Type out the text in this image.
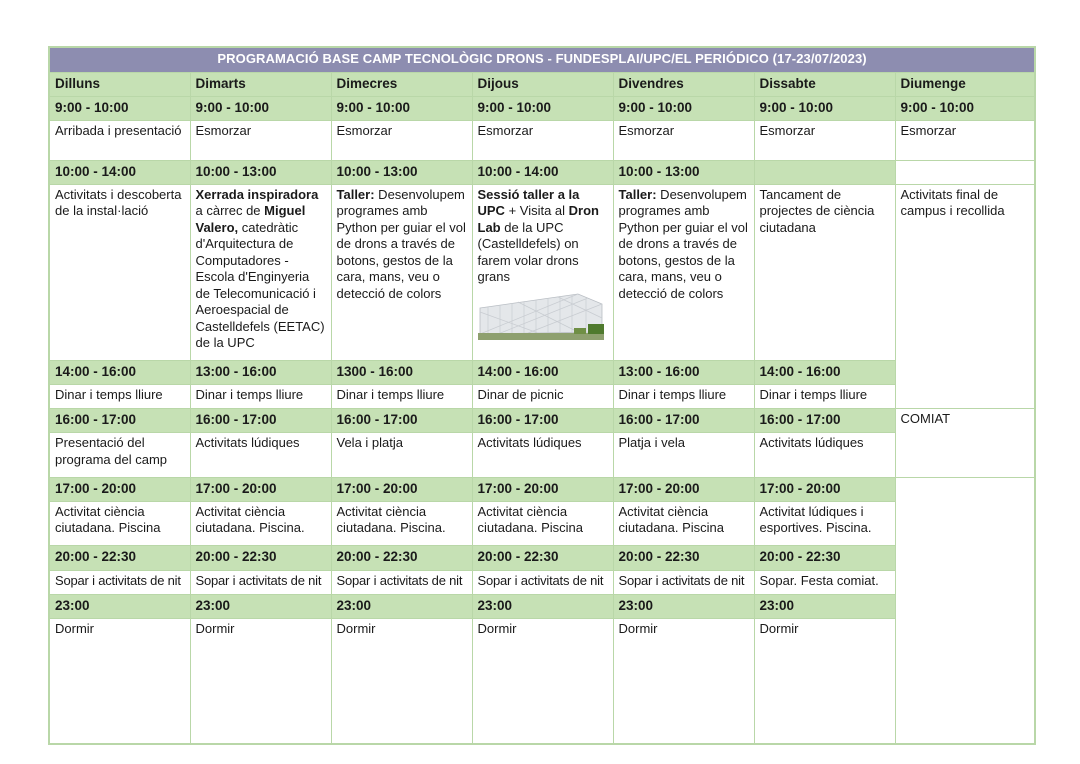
PROGRAMACIÓ BASE CAMP TECNOLÒGIC DRONS - FUNDESPLAI/UPC/EL PERIÓDICO (17-23/07/2023)						
Dilluns	Dimarts	Dimecres	Dijous	Divendres	Dissabte	Diumenge
9:00 - 10:00	9:00 - 10:00	9:00 - 10:00	9:00 - 10:00	9:00 - 10:00	9:00 - 10:00	9:00 - 10:00
Arribada i presentació	Esmorzar	Esmorzar	Esmorzar	Esmorzar	Esmorzar	Esmorzar
10:00 - 14:00	10:00 - 13:00	10:00 - 13:00	10:00 - 14:00	10:00 - 13:00		
Activitats i descoberta de la instal·lació	Xerrada inspiradora a càrrec de Miguel Valero, catedràtic d'Arquitectura de Computadores - Escola d'Enginyeria de Telecomunicació i Aeroespacial de Castelldefels (EETAC) de la UPC	Taller: Desenvolupem programes amb Python per guiar el vol de drons a través de botons, gestos de la cara, mans, veu o detecció de colors	Sessió taller a la UPC + Visita al Dron Lab de la UPC (Castelldefels) on farem volar drons grans	Taller: Desenvolupem programes amb Python per guiar el vol de drons a través de botons, gestos de la cara, mans, veu o detecció de colors	Tancament de projectes de ciència ciutadana	Activitats final de campus i recollida
14:00 - 16:00	13:00 - 16:00	1300 - 16:00	14:00 - 16:00	13:00 - 16:00	14:00 - 16:00	
Dinar i temps lliure	Dinar i temps lliure	Dinar i temps lliure	Dinar de picnic	Dinar i temps lliure	Dinar i temps lliure	
16:00 - 17:00	16:00 - 17:00	16:00 - 17:00	16:00 - 17:00	16:00 - 17:00	16:00 - 17:00	COMIAT
Presentació del programa del camp	Activitats lúdiques	Vela i platja	Activitats lúdiques	Platja i vela	Activitats lúdiques	
17:00 - 20:00	17:00 - 20:00	17:00 - 20:00	17:00 - 20:00	17:00 - 20:00	17:00 - 20:00	
Activitat ciència ciutadana. Piscina	Activitat ciència ciutadana. Piscina.	Activitat ciència ciutadana. Piscina.	Activitat ciència ciutadana. Piscina	Activitat ciència ciutadana. Piscina	Activitat lúdiques i esportives. Piscina.	
20:00 - 22:30	20:00 - 22:30	20:00 - 22:30	20:00 - 22:30	20:00 - 22:30	20:00 - 22:30	
Sopar i activitats de nit	Sopar i activitats de nit	Sopar i activitats de nit	Sopar i activitats de nit	Sopar i activitats de nit	Sopar. Festa comiat.	
23:00	23:00	23:00	23:00	23:00	23:00	
Dormir	Dormir	Dormir	Dormir	Dormir	Dormir	
